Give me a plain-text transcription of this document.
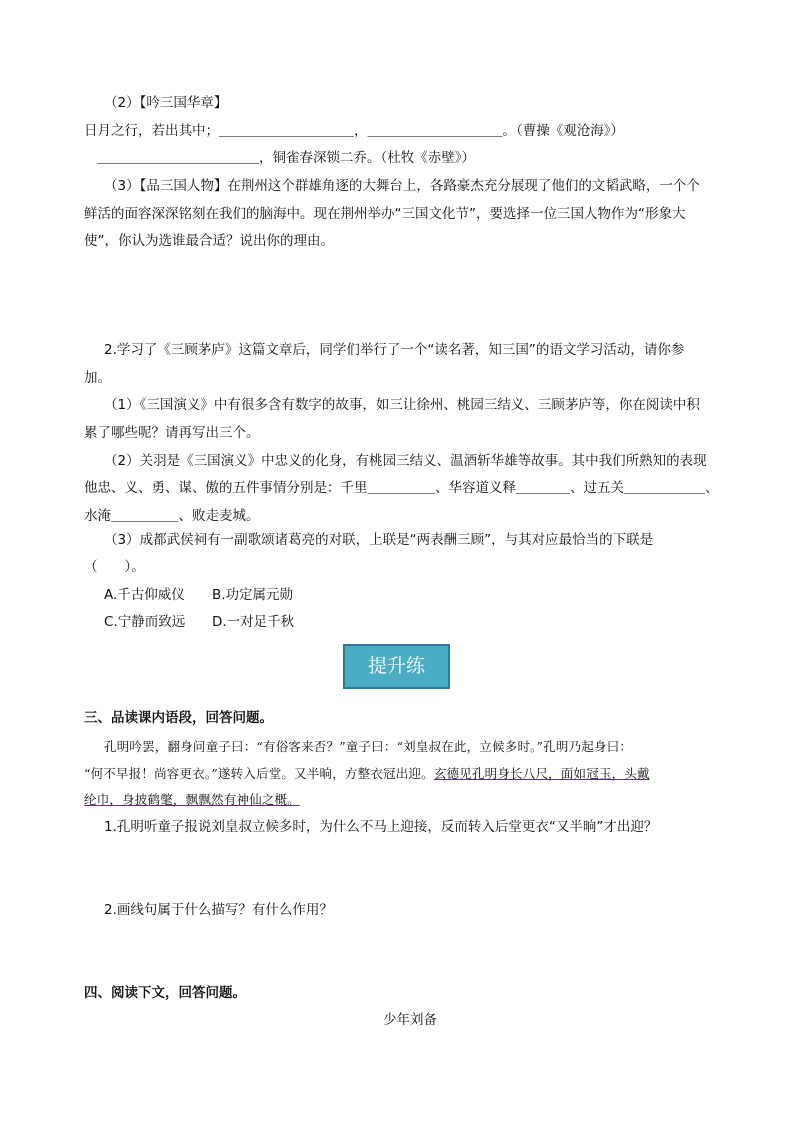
（2）【吟三国华章】
日月之行，若出其中；＿＿＿＿＿＿＿＿＿＿，＿＿＿＿＿＿＿＿＿＿。（曹操《观沧海》）
＿＿＿＿＿＿＿＿＿＿＿＿，铜雀春深锁二乔。（杜牧《赤壁》）
（3）【品三国人物】在荆州这个群雄角逐的大舞台上，各路豪杰充分展现了他们的文韬武略，一个个
鲜活的面容深深铭刻在我们的脑海中。现在荆州举办“三国文化节”，要选择一位三国人物作为“形象大
使”，你认为选谁最合适？说出你的理由。
2.学习了《三顾茅庐》这篇文章后，同学们举行了一个“读名著，知三国”的语文学习活动，请你参
加。
（1）《三国演义》中有很多含有数字的故事，如三让徐州、桃园三结义、三顾茅庐等，你在阅读中积
累了哪些呢？请再写出三个。
（2）关羽是《三国演义》中忠义的化身，有桃园三结义、温酒斩华雄等故事。其中我们所熟知的表现
他忠、义、勇、谋、傲的五件事情分别是：千里＿＿＿＿＿、华容道义释＿＿＿＿、过五关＿＿＿＿＿＿、
水淹＿＿＿＿＿、败走麦城。
（3）成都武侯祠有一副歌颂诸葛亮的对联，上联是“两表酬三顾”，与其对应最恰当的下联是
（　　）。
A.千古仰威仪 B.功定属元勋
C.宁静而致远 D.一对足千秋
提升练
三、品读课内语段，回答问题。
孔明吟罢，翻身问童子曰：“有俗客来否？”童子曰：“刘皇叔在此，立候多时。”孔明乃起身曰：
“何不早报！尚容更衣。”遂转入后堂。又半晌，方整衣冠出迎。玄德见孔明身长八尺，面如冠玉，头戴
纶巾，身披鹤氅，飘飘然有神仙之概。
1.孔明听童子报说刘皇叔立候多时，为什么不马上迎接，反而转入后堂更衣“又半晌”才出迎？
2.画线句属于什么描写？有什么作用？
四、阅读下文，回答问题。
少年刘备
